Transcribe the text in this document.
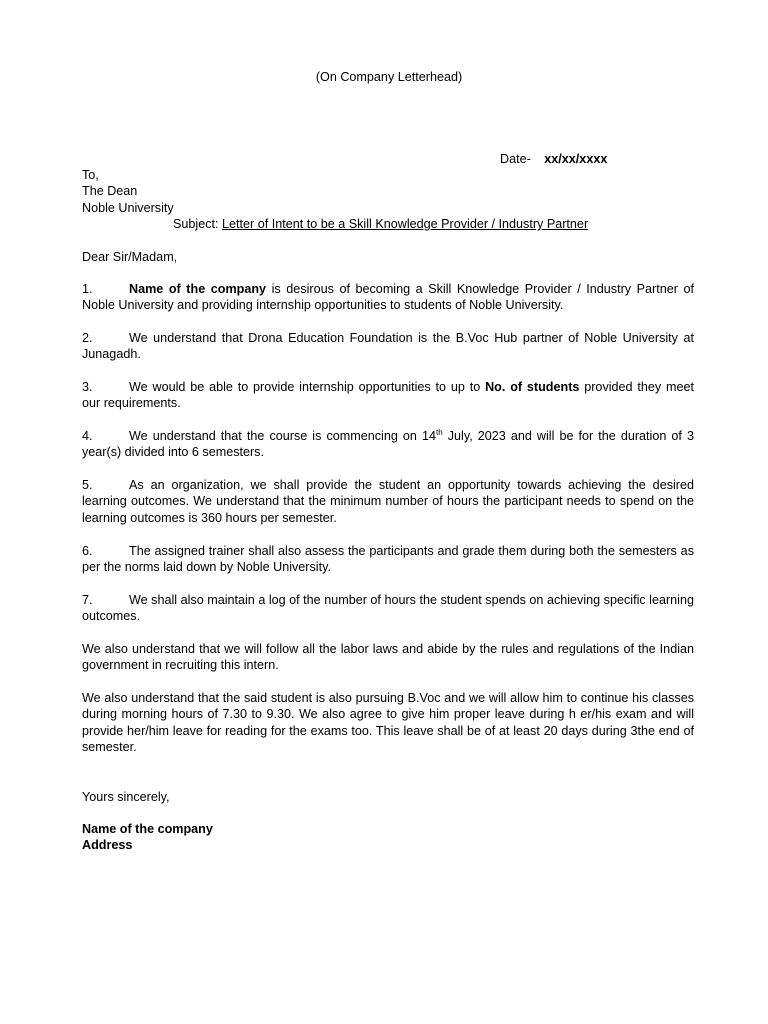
(On Company Letterhead)
Date- xx/xx/xxxx
To,
The Dean
Noble University
Subject: Letter of Intent to be a Skill Knowledge Provider / Industry Partner
Dear Sir/Madam,
1.	Name of the company is desirous of becoming a Skill Knowledge Provider / Industry Partner of Noble University and providing internship opportunities to students of Noble University.
2.	We understand that Drona Education Foundation is the B.Voc Hub partner of Noble University at Junagadh.
3.	We would be able to provide internship opportunities to up to No. of students provided they meet our requirements.
4.	We understand that the course is commencing on 14th July, 2023 and will be for the duration of 3 year(s) divided into 6 semesters.
5.	As an organization, we shall provide the student an opportunity towards achieving the desired learning outcomes. We understand that the minimum number of hours the participant needs to spend on the learning outcomes is 360 hours per semester.
6.	The assigned trainer shall also assess the participants and grade them during both the semesters as per the norms laid down by Noble University.
7.	We shall also maintain a log of the number of hours the student spends on achieving specific learning outcomes.
We also understand that we will follow all the labor laws and abide by the rules and regulations of the Indian government in recruiting this intern.
We also understand that the said student is also pursuing B.Voc and we will allow him to continue his classes during morning hours of 7.30 to 9.30. We also agree to give him proper leave during h er/his exam and will provide her/him leave for reading for the exams too. This leave shall be of at least 20 days during 3the end of semester.
Yours sincerely,
Name of the company
Address
